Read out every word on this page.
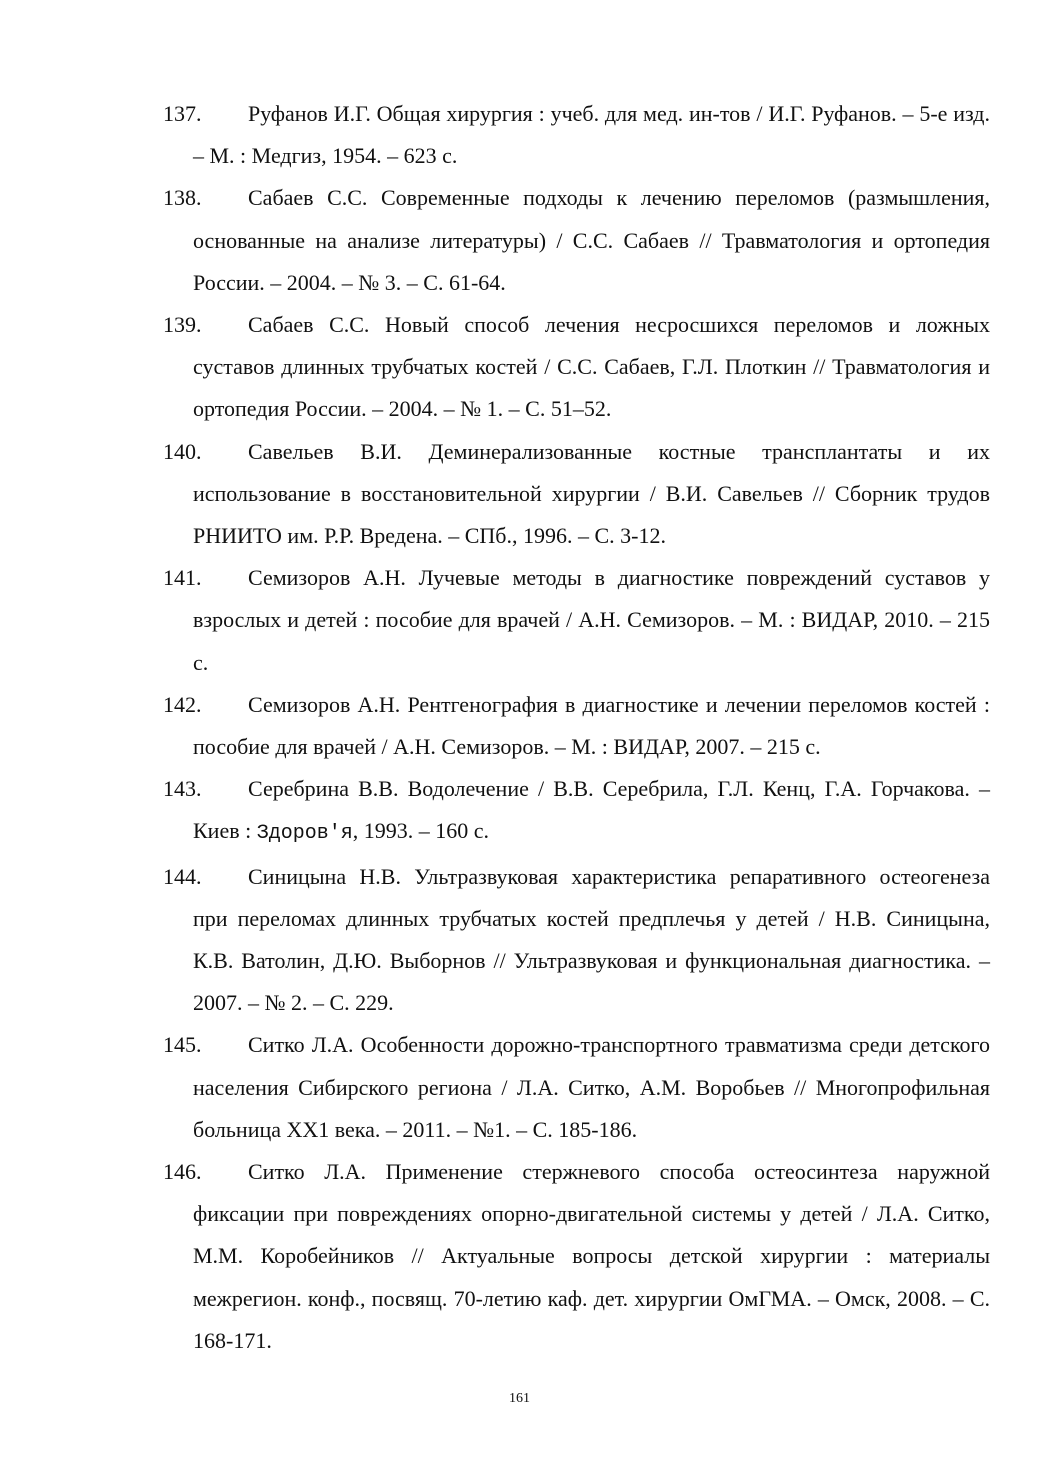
137.	Руфанов И.Г. Общая хирургия : учеб. для мед. ин-тов / И.Г. Руфанов. – 5-е изд. – М. : Медгиз, 1954. – 623 с.

138.	Сабаев С.С. Современные подходы к лечению переломов (размышления, основанные на анализе литературы) / С.С. Сабаев // Травматология и ортопедия России. – 2004. – № 3. – С. 61-64.

139.	Сабаев С.С. Новый способ лечения несросшихся переломов и ложных суставов длинных трубчатых костей / С.С. Сабаев, Г.Л. Плоткин // Травматология и ортопедия России. – 2004. – № 1. – С. 51–52.

140.	Савельев В.И. Деминерализованные костные трансплантаты и их использование в восстановительной хирургии / В.И. Савельев // Сборник трудов РНИИТО им. Р.Р. Вредена. – СПб., 1996. – С. 3-12.

141.	Семизоров А.Н. Лучевые методы в диагностике повреждений суставов у взрослых и детей : пособие для врачей / А.Н. Семизоров. – М. : ВИДАР, 2010. – 215 с.

142.	Семизоров А.Н. Рентгенография в диагностике и лечении переломов костей : пособие для врачей / А.Н. Семизоров. – М. : ВИДАР, 2007. – 215 с.

143.	Серебрина В.В. Водолечение / В.В. Серебрила, Г.Л. Кенц, Г.А. Горчакова. – Киев : Здоров'я, 1993. – 160 с.

144.	Синицына Н.В. Ультразвуковая характеристика репаративного остеогенеза при переломах длинных трубчатых костей предплечья у детей / Н.В. Синицына, К.В. Ватолин, Д.Ю. Выборнов // Ультразвуковая и функциональная диагностика. – 2007. – № 2. – С. 229.

145.	Ситко Л.А. Особенности дорожно-транспортного травматизма среди детского населения Сибирского региона / Л.А. Ситко, А.М. Воробьев // Многопрофильная больница ХХ1 века. – 2011. – №1. – С. 185-186.

146.	Ситко Л.А. Применение стержневого способа остеосинтеза наружной фиксации при повреждениях опорно-двигательной системы у детей / Л.А. Ситко, М.М. Коробейников // Актуальные вопросы детской хирургии : материалы межрегион. конф., посвящ. 70-летию каф. дет. хирургии ОмГМА. – Омск, 2008. – С. 168-171.

161
